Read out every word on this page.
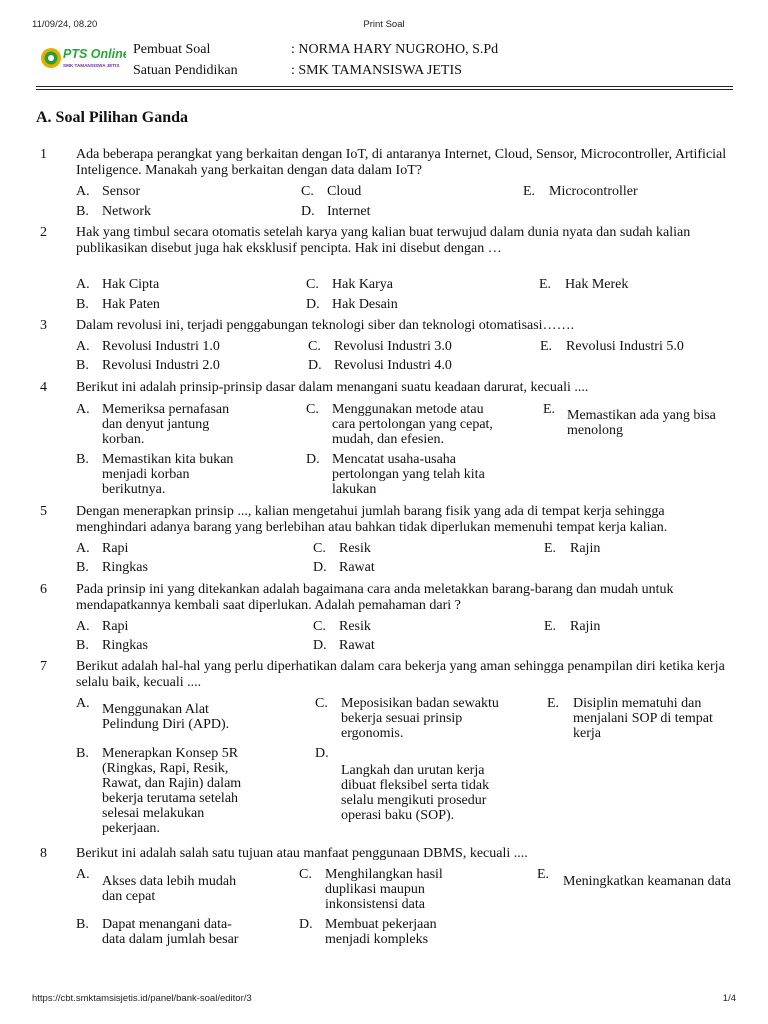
11/09/24, 08.20	Print Soal
PTS Online
SMK TAMANSISWA JETIS
Pembuat Soal	: NORMA HARY NUGROHO, S.Pd
Satuan Pendidikan	: SMK TAMANSISWA JETIS
A. Soal Pilihan Ganda
1 Ada beberapa perangkat yang berkaitan dengan IoT, di antaranya Internet, Cloud, Sensor, Microcontroller, Artificial Inteligence. Manakah yang berkaitan dengan data dalam IoT?
A. Sensor
B. Network
C. Cloud
D. Internet
E. Microcontroller
2 Hak yang timbul secara otomatis setelah karya yang kalian buat terwujud dalam dunia nyata dan sudah kalian publikasikan disebut juga hak eksklusif pencipta. Hak ini disebut dengan …
A. Hak Cipta
B. Hak Paten
C. Hak Karya
D. Hak Desain
E. Hak Merek
3 Dalam revolusi ini, terjadi penggabungan teknologi siber dan teknologi otomatisasi…….
A. Revolusi Industri 1.0
B. Revolusi Industri 2.0
C. Revolusi Industri 3.0
D. Revolusi Industri 4.0
E. Revolusi Industri 5.0
4 Berikut ini adalah prinsip-prinsip dasar dalam menangani suatu keadaan darurat, kecuali ....
A. Memeriksa pernafasan dan denyut jantung korban.
B. Memastikan kita bukan menjadi korban berikutnya.
C. Menggunakan metode atau cara pertolongan yang cepat, mudah, dan efesien.
D. Mencatat usaha-usaha pertolongan yang telah kita lakukan
E. Memastikan ada yang bisa menolong
5 Dengan menerapkan prinsip ..., kalian mengetahui jumlah barang fisik yang ada di tempat kerja sehingga menghindari adanya barang yang berlebihan atau bahkan tidak diperlukan memenuhi tempat kerja kalian.
A. Rapi
B. Ringkas
C. Resik
D. Rawat
E. Rajin
6 Pada prinsip ini yang ditekankan adalah bagaimana cara anda meletakkan barang-barang dan mudah untuk mendapatkannya kembali saat diperlukan. Adalah pemahaman dari ?
A. Rapi
B. Ringkas
C. Resik
D. Rawat
E. Rajin
7 Berikut adalah hal-hal yang perlu diperhatikan dalam cara bekerja yang aman sehingga penampilan diri ketika kerja selalu baik, kecuali ....
A. Menggunakan Alat Pelindung Diri (APD).
B. Menerapkan Konsep 5R (Ringkas, Rapi, Resik, Rawat, dan Rajin) dalam bekerja terutama setelah selesai melakukan pekerjaan.
C. Meposisikan badan sewaktu bekerja sesuai prinsip ergonomis.
D.
Langkah dan urutan kerja dibuat fleksibel serta tidak selalu mengikuti prosedur operasi baku (SOP).
E. Disiplin mematuhi dan menjalani SOP di tempat kerja
8 Berikut ini adalah salah satu tujuan atau manfaat penggunaan DBMS, kecuali ....
A. Akses data lebih mudah dan cepat
B. Dapat menangani data-data dalam jumlah besar
C. Menghilangkan hasil duplikasi maupun inkonsistensi data
D. Membuat pekerjaan menjadi kompleks
E. Meningkatkan keamanan data
https://cbt.smktamsisjetis.id/panel/bank-soal/editor/3	1/4
